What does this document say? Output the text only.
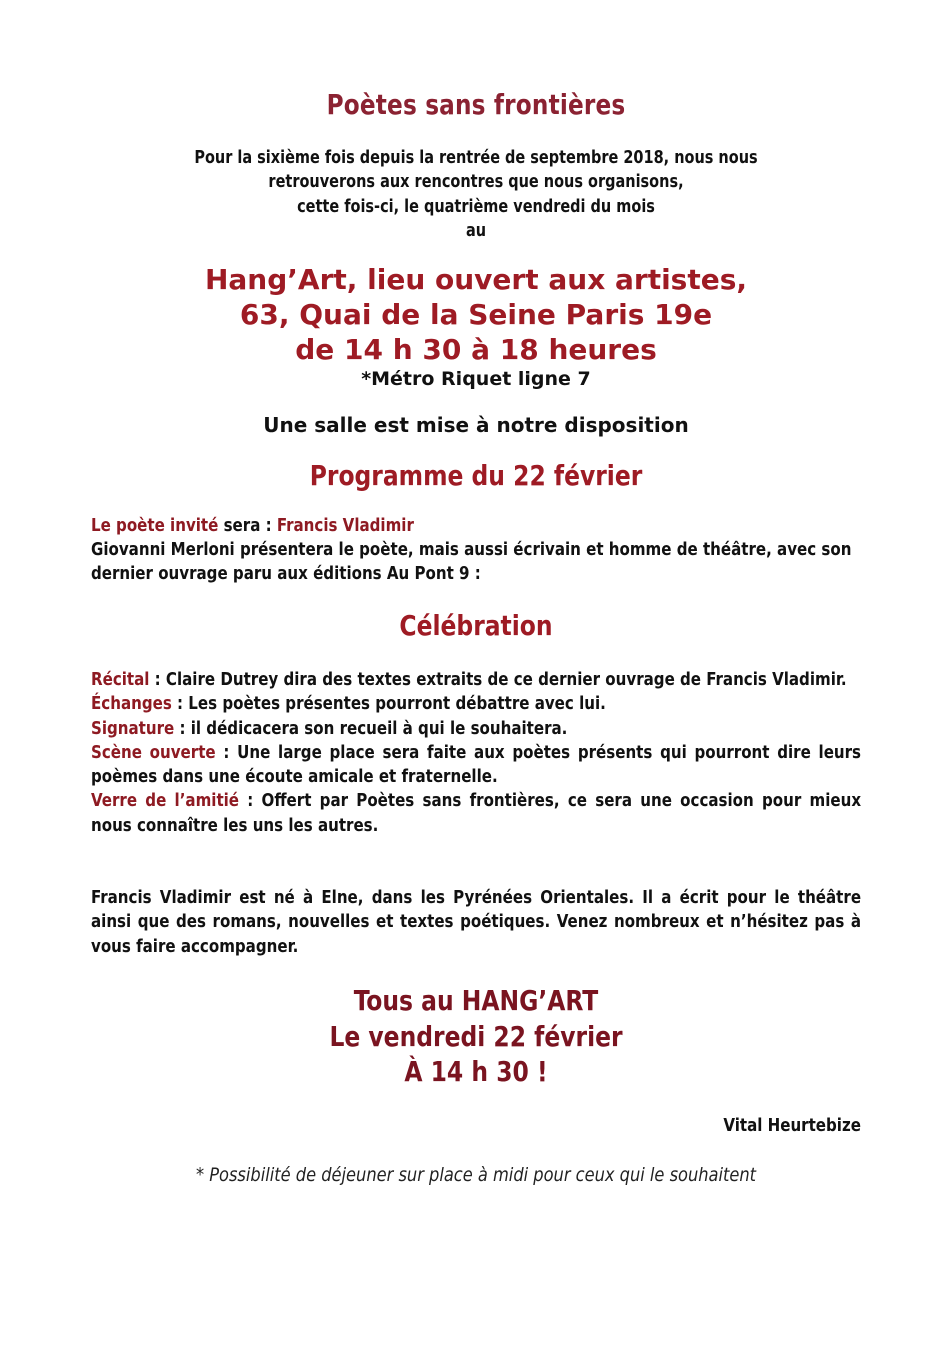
Poètes sans frontières
Pour la sixième fois depuis la rentrée de septembre 2018, nous nous
retrouverons aux rencontres que nous organisons,
cette fois-ci, le quatrième vendredi du mois
au
Hang’Art, lieu ouvert aux artistes,
63, Quai de la Seine Paris 19e
de 14 h 30 à 18 heures
*Métro Riquet ligne 7
Une salle est mise à notre disposition
Programme du 22 février
Le poète invité sera : Francis Vladimir
Giovanni Merloni présentera le poète, mais aussi écrivain et homme de théâtre, avec son dernier ouvrage paru aux éditions Au Pont 9 :
Célébration

Récital : Claire Dutrey dira des textes extraits de ce dernier ouvrage de Francis Vladimir.

Échanges : Les poètes présentes pourront débattre avec lui.

Signature : il dédicacera son recueil à qui le souhaitera.

Scène ouverte : Une large place sera faite aux poètes présents qui pourront dire leurs poèmes dans une écoute amicale et fraternelle.

Verre de l’amitié : Offert par Poètes sans frontières, ce sera une occasion pour mieux nous connaître les uns les autres.

Francis Vladimir est né à Elne, dans les Pyrénées Orientales. Il a écrit pour le théâtre ainsi que des romans, nouvelles et textes poétiques. Venez nombreux et n’hésitez pas à vous faire accompagner.

Tous au HANG’ART
Le vendredi 22 février
À 14 h 30 !
Vital Heurtebize
* Possibilité de déjeuner sur place à midi pour ceux qui le souhaitent
